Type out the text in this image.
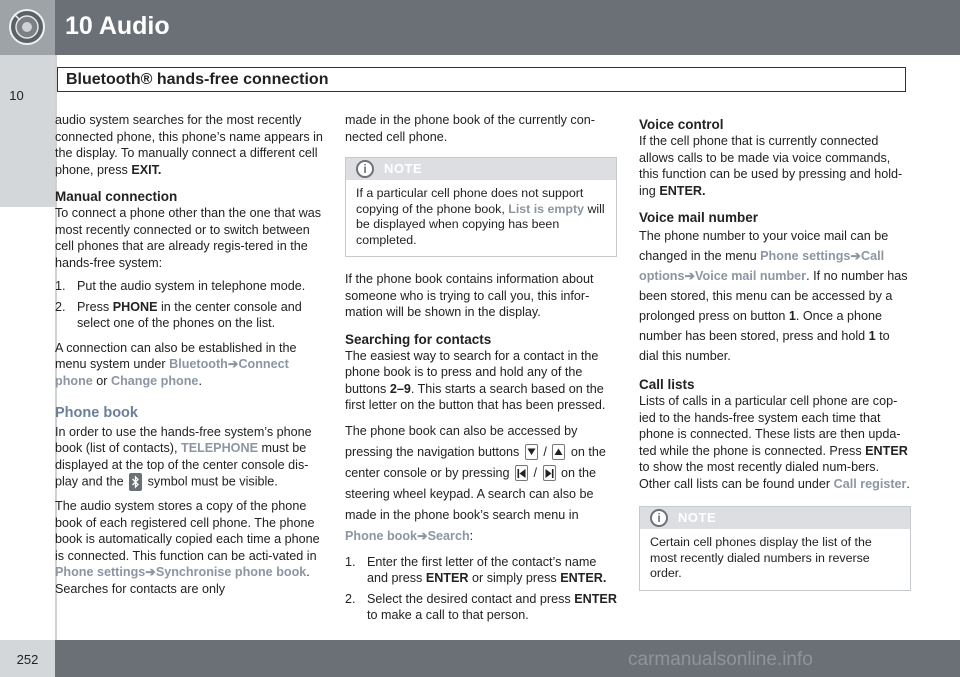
10 Audio
10
Bluetooth® hands-free connection

audio system searches for the most recently connected phone, this phone’s name appears in the display. To manually connect a different cell phone, press EXIT.

Manual connection

To connect a phone other than the one that was most recently connected or to switch between cell phones that are already regis-tered in the hands-free system:

1. Put the audio system in telephone mode.
2. Press PHONE in the center console and select one of the phones on the list.

A connection can also be established in the menu system under Bluetooth➔Connect phone or Change phone.

Phone book

In order to use the hands-free system’s phone book (list of contacts), TELEPHONE must be displayed at the top of the center console dis-play and the
symbol must be visible.

The audio system stores a copy of the phone book of each registered cell phone. The phone book is automatically copied each time a phone is connected. This function can be acti-vated in Phone settings➔Synchronise phone book. Searches for contacts are only

made in the phone book of the currently con-nected cell phone.

i	NOTE
If a particular cell phone does not support copying of the phone book, List is empty will be displayed when copying has been completed.

If the phone book contains information about someone who is trying to call you, this infor-mation will be shown in the display.

Searching for contacts

The easiest way to search for a contact in the phone book is to press and hold any of the buttons 2–9. This starts a search based on the first letter on the button that has been pressed.

The phone book can also be accessed by pressing the navigation buttons
/
on the center console or by pressing
/
on the steering wheel keypad. A search can also be made in the phone book’s search menu in Phone book➔Search:

1. Enter the first letter of the contact’s name and press ENTER or simply press ENTER.
2. Select the desired contact and press ENTER to make a call to that person.
Voice control

If the cell phone that is currently connected allows calls to be made via voice commands, this function can be used by pressing and hold-ing ENTER.

Voice mail number

The phone number to your voice mail can be changed in the menu Phone settings➔Call options➔Voice mail number. If no number has been stored, this menu can be accessed by a prolonged press on button 1. Once a phone number has been stored, press and hold 1 to dial this number.

Call lists

Lists of calls in a particular cell phone are cop-ied to the hands-free system each time that phone is connected. These lists are then upda-ted while the phone is connected. Press ENTER to show the most recently dialed num-bers. Other call lists can be found under Call register.

i	NOTE
Certain cell phones display the list of the most recently dialed numbers in reverse order.
252	carmanualsonline.info
